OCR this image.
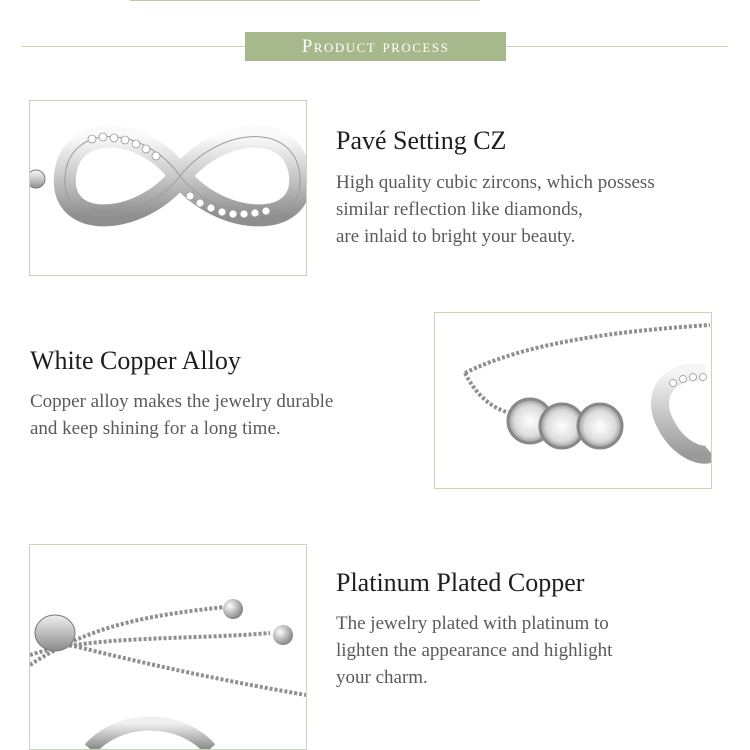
Product process
Pavé Setting CZ
High quality cubic zircons, which possess
similar reflection like diamonds,
are inlaid to bright your beauty.
White Copper Alloy
Copper alloy makes the jewelry durable
and keep shining for a long time.
Platinum Plated Copper
The jewelry plated with platinum to
lighten the appearance and highlight
your charm.
